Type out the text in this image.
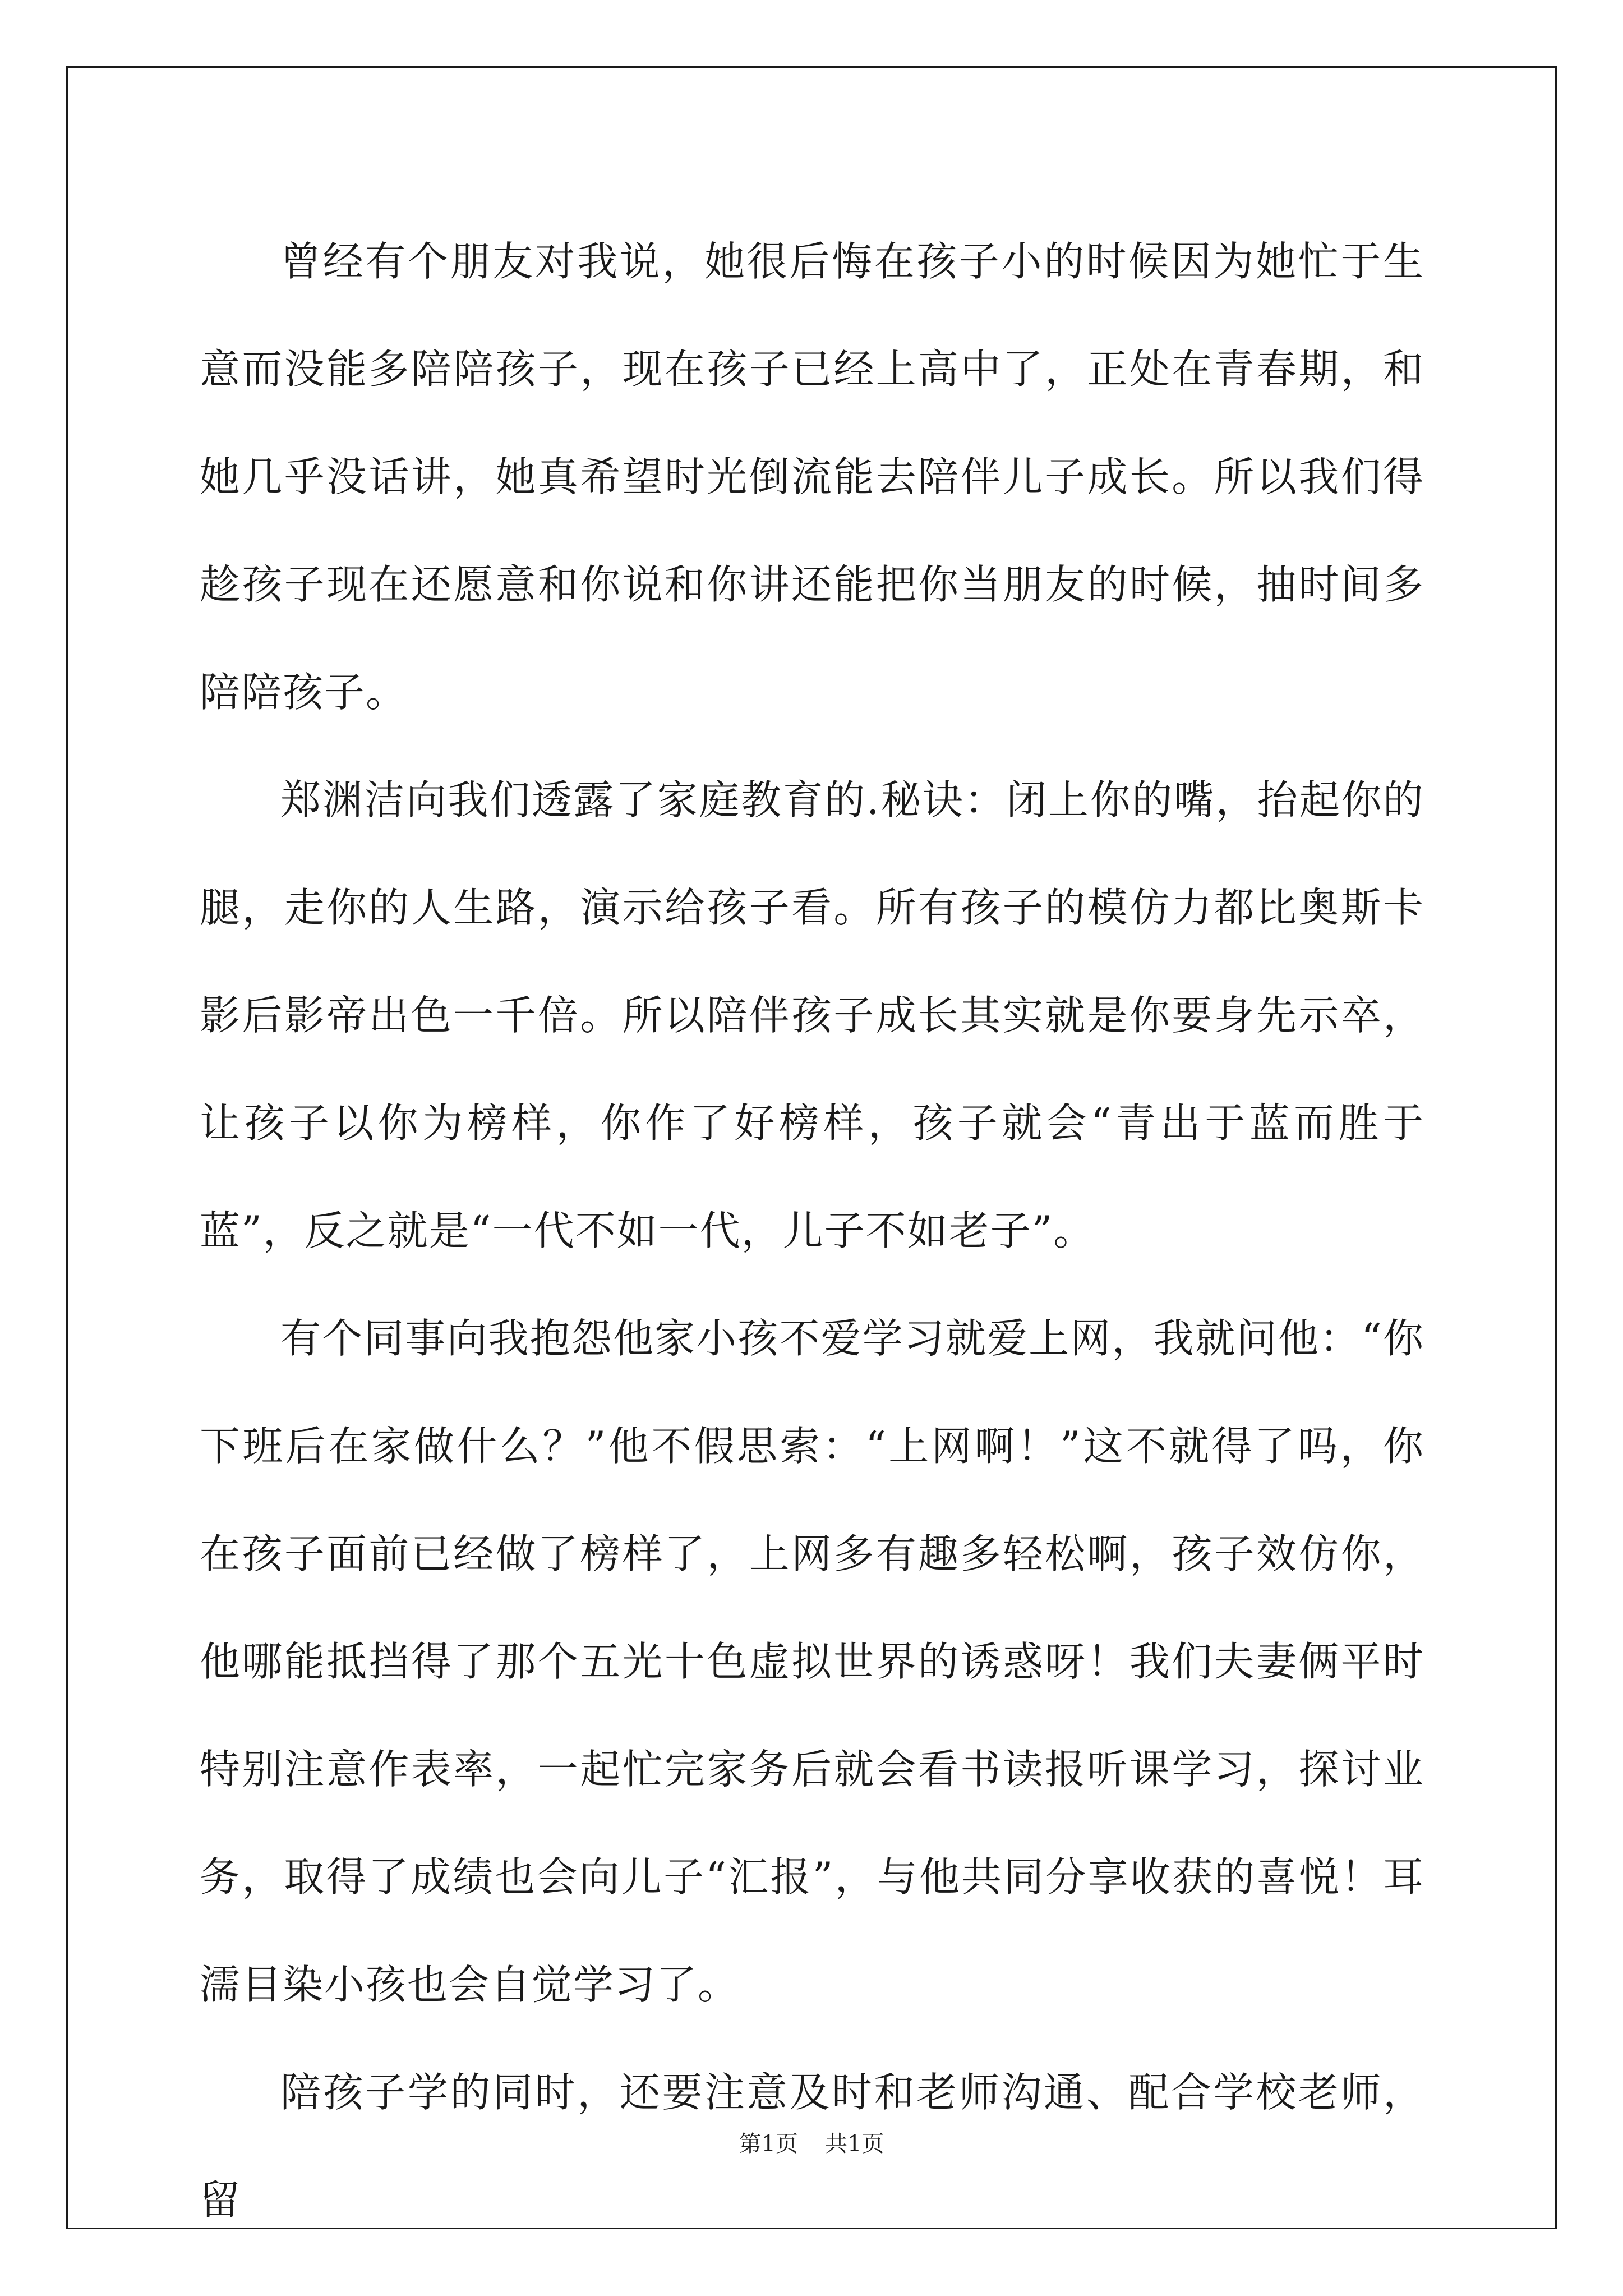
曾经有个朋友对我说，她很后悔在孩子小的时候因为她忙于生意而没能多陪陪孩子，现在孩子已经上高中了，正处在青春期，和她几乎没话讲，她真希望时光倒流能去陪伴儿子成长。所以我们得趁孩子现在还愿意和你说和你讲还能把你当朋友的时候，抽时间多陪陪孩子。

郑渊洁向我们透露了家庭教育的.秘诀：闭上你的嘴，抬起你的腿，走你的人生路，演示给孩子看。所有孩子的模仿力都比奥斯卡影后影帝出色一千倍。所以陪伴孩子成长其实就是你要身先示卒，让孩子以你为榜样，你作了好榜样，孩子就会“青出于蓝而胜于蓝”，反之就是“一代不如一代，儿子不如老子”。

有个同事向我抱怨他家小孩不爱学习就爱上网，我就问他：“你下班后在家做什么？”他不假思索：“上网啊！”这不就得了吗，你在孩子面前已经做了榜样了，上网多有趣多轻松啊，孩子效仿你，他哪能抵挡得了那个五光十色虚拟世界的诱惑呀！我们夫妻俩平时特别注意作表率，一起忙完家务后就会看书读报听课学习，探讨业务，取得了成绩也会向儿子“汇报”，与他共同分享收获的喜悦！耳濡目染小孩也会自觉学习了。

陪孩子学的同时，还要注意及时和老师沟通、配合学校老师，留

第1页 共1页
